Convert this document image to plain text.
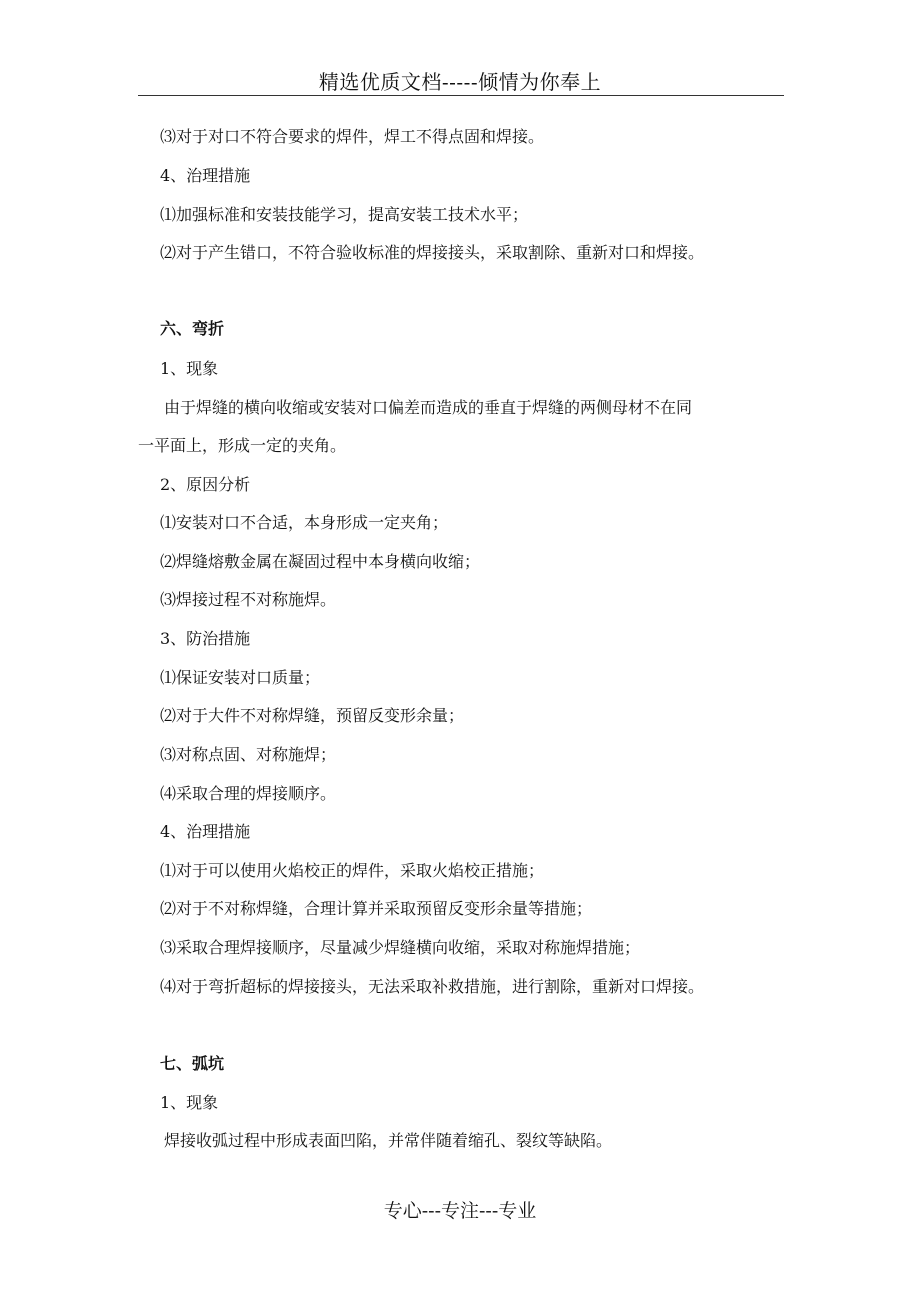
精选优质文档-----倾情为你奉上
⑶对于对口不符合要求的焊件，焊工不得点固和焊接。
4、治理措施
⑴加强标准和安装技能学习，提高安装工技术水平；
⑵对于产生错口，不符合验收标准的焊接接头，采取割除、重新对口和焊接。
六、弯折
1、现象
由于焊缝的横向收缩或安装对口偏差而造成的垂直于焊缝的两侧母材不在同
一平面上，形成一定的夹角。
2、原因分析
⑴安装对口不合适，本身形成一定夹角；
⑵焊缝熔敷金属在凝固过程中本身横向收缩；
⑶焊接过程不对称施焊。
3、防治措施
⑴保证安装对口质量；
⑵对于大件不对称焊缝，预留反变形余量；
⑶对称点固、对称施焊；
⑷采取合理的焊接顺序。
4、治理措施
⑴对于可以使用火焰校正的焊件，采取火焰校正措施；
⑵对于不对称焊缝，合理计算并采取预留反变形余量等措施；
⑶采取合理焊接顺序，尽量减少焊缝横向收缩，采取对称施焊措施；
⑷对于弯折超标的焊接接头，无法采取补救措施，进行割除，重新对口焊接。
七、弧坑
1、现象
焊接收弧过程中形成表面凹陷，并常伴随着缩孔、裂纹等缺陷。
专心---专注---专业
